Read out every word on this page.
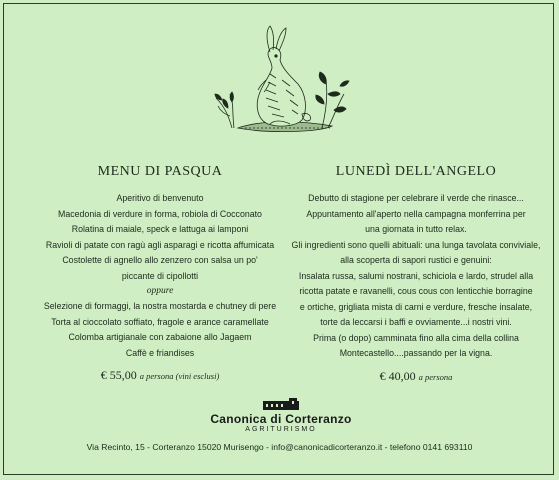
MENU DI PASQUA
Aperitivo di benvenuto
Macedonia di verdure in forma, robiola di Cocconato
Rolatina di maiale, speck e lattuga ai lamponi
Ravioli di patate con ragù agli asparagi e ricotta affumicata
Costolette di agnello allo zenzero con salsa un po'
piccante di cipollotti
oppure
Selezione di formaggi, la nostra mostarda e chutney di pere
Torta al cioccolato soffiato, fragole e arance caramellate
Colomba artigianale con zabaione allo Jagaem
Caffè e friandises
€ 55,00 a persona (vini esclusi)
LUNEDÌ DELL'ANGELO
Debutto di stagione per celebrare il verde che rinasce...
Appuntamento all'aperto nella campagna monferrina per
una giornata in tutto relax.
Gli ingredienti sono quelli abituali: una lunga tavolata conviviale,
alla scoperta di sapori rustici e genuini:
Insalata russa, salumi nostrani, schiciola e lardo, strudel alla
ricotta patate e ravanelli, cous cous con lenticchie borragine
e ortiche, grigliata mista di carni e verdure, fresche insalate,
torte da leccarsi i baffi e ovviamente...i nostri vini.
Prima (o dopo) camminata fino alla cima della collina
Montecastello....passando per la vigna.
€ 40,00 a persona
Canonica di Corteranzo
AGRITURISMO
Via Recinto, 15 - Corteranzo 15020 Murisengo - info@canonicadicorteranzo.it - telefono 0141 693110
